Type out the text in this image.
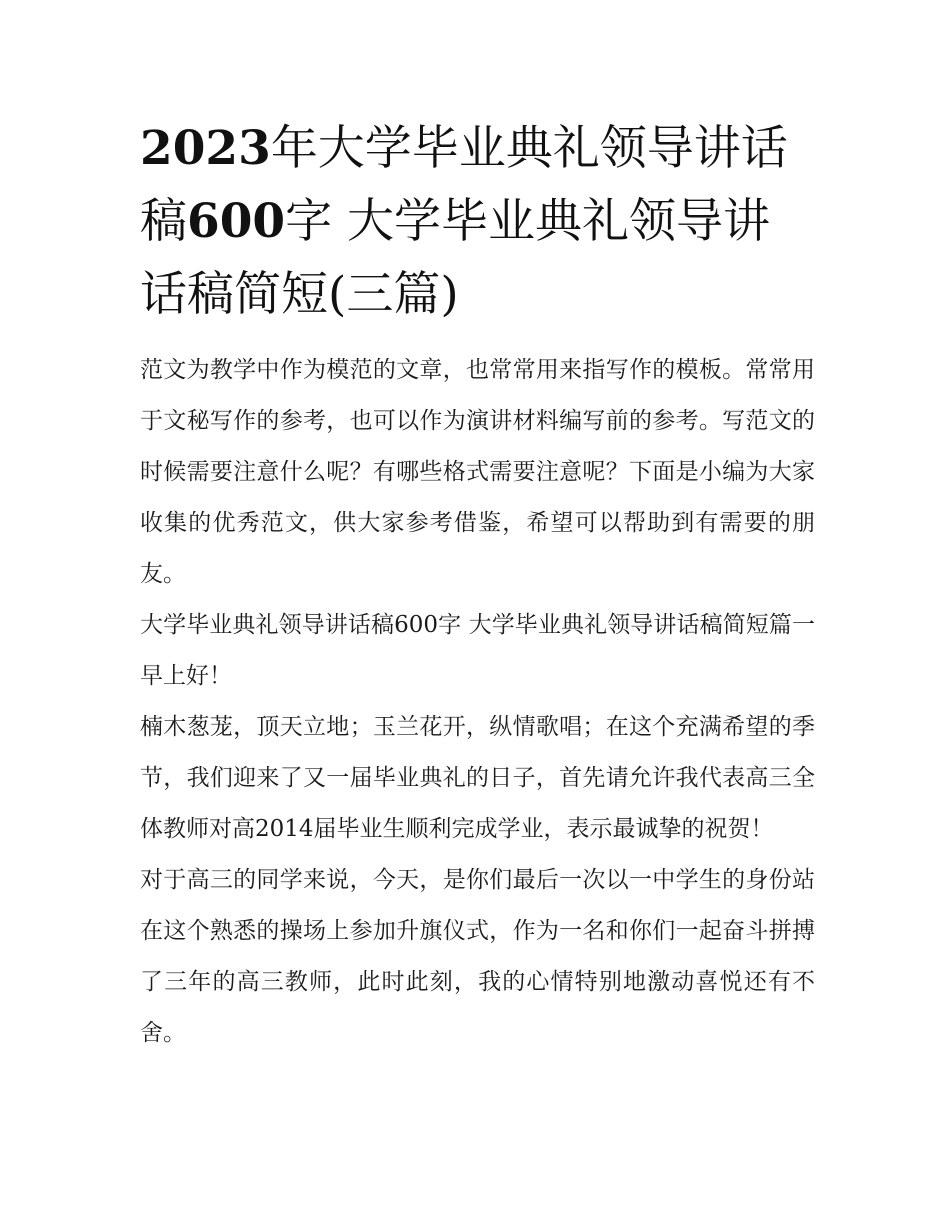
2023年大学毕业典礼领导讲话稿600字 大学毕业典礼领导讲话稿简短(三篇)

范文为教学中作为模范的文章，也常常用来指写作的模板。常常用于文秘写作的参考，也可以作为演讲材料编写前的参考。写范文的时候需要注意什么呢？有哪些格式需要注意呢？下面是小编为大家收集的优秀范文，供大家参考借鉴，希望可以帮助到有需要的朋友。

大学毕业典礼领导讲话稿600字 大学毕业典礼领导讲话稿简短篇一 早上好！

楠木葱茏，顶天立地；玉兰花开，纵情歌唱；在这个充满希望的季节，我们迎来了又一届毕业典礼的日子，首先请允许我代表高三全体教师对高2014届毕业生顺利完成学业，表示最诚挚的祝贺！

对于高三的同学来说，今天，是你们最后一次以一中学生的身份站在这个熟悉的操场上参加升旗仪式，作为一名和你们一起奋斗拼搏了三年的高三教师，此时此刻，我的心情特别地激动喜悦还有不舍。
